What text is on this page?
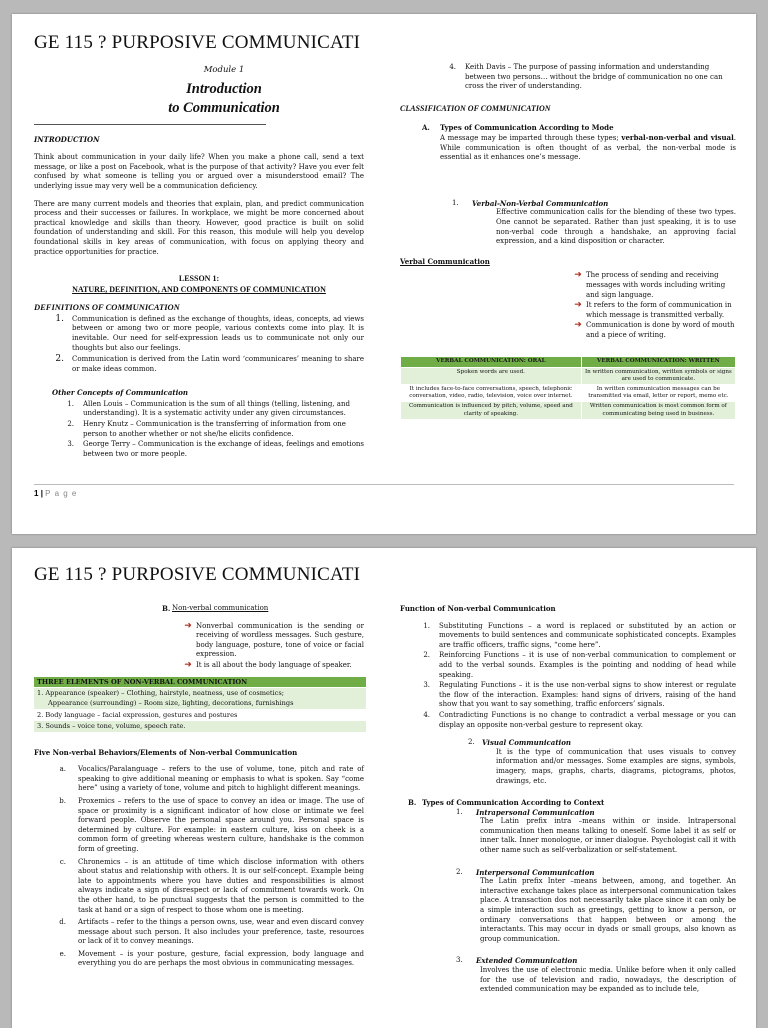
GE 115 ? PURPOSIVE COMMUNICATI
Module 1
Introduction
to Communication
INTRODUCTION
Think about communication in your daily life? When you make a phone call, send a text message, or like a post on Facebook, what is the purpose of that activity? Have you ever felt confused by what someone is telling you or argued over a misunderstood email? The underlying issue may very well be a communication deficiency.
There are many current models and theories that explain, plan, and predict communication process and their successes or failures. In workplace, we might be more concerned about practical knowledge and skills than theory. However, good practice is built on solid foundation of understanding and skill. For this reason, this module will help you develop foundational skills in key areas of communication, with focus on applying theory and practice opportunities for practice.
LESSON 1:
NATURE, DEFINITION, AND COMPONENTS OF COMMUNICATION
DEFINITIONS OF COMMUNICATION
1.	Communication is defined as the exchange of thoughts, ideas, concepts, ad views between or among two or more people, various contexts come into play. It is inevitable. Our need for self-expression leads us to communicate not only our thoughts but also our feelings.
2.	Communication is derived from the Latin word ‘communicares’ meaning to share or make ideas common.
Other Concepts of Communication
1.	Allen Louis – Communication is the sum of all things (telling, listening, and understanding). It is a systematic activity under any given circumstances.
2.	Henry Knutz – Communication is the transferring of information from one person to another whether or not she/he elicits confidence.
3.	George Terry – Communication is the exchange of ideas, feelings and emotions between two or more people.
4.	Keith Davis – The purpose of passing information and understanding between two persons… without the bridge of communication no one can cross the river of understanding.
CLASSIFICATION OF COMMUNICATION
A.	Types of Communication According to Mode
A message may be imparted through these types; verbal-non-verbal and visual. While communication is often thought of as verbal, the non-verbal mode is essential as it enhances one’s message.
1.	Verbal-Non-Verbal Communication
Effective communication calls for the blending of these two types. One cannot be separated. Rather than just speaking, it is to use non-verbal code through a handshake, an approving facial expression, and a kind disposition or character.
Verbal Communication
➜ The process of sending and receiving messages with words including writing and sign language.
➜ It refers to the form of communication in which message is transmitted verbally.
➜ Communication is done by word of mouth and a piece of writing.
VERBAL COMMUNICATION: ORAL	VERBAL COMMUNICATION: WRITTEN
Spoken words are used.	In written communication, written symbols or signs are used to communicate.
It includes face-to-face conversations, speech, telephonic conversation, video, radio, television, voice over internet.	In written communication messages can be transmitted via email, letter or report, memo etc.
Communication is influenced by pitch, volume, speed and clarity of speaking.	Written communication is most common form of communicating being used in business.
1 | P a g e
GE 115 ? PURPOSIVE COMMUNICATI
B. Non-verbal communication
➜ Nonverbal communication is the sending or receiving of wordless messages. Such gesture, body language, posture, tone of voice or facial expression.
➜ It is all about the body language of speaker.
THREE ELEMENTS OF NON-VERBAL COMMUNICATION
1. Appearance (speaker) – Clothing, hairstyle, neatness, use of cosmetics;
Appearance (surrounding) – Room size, lighting, decorations, furnishings
2. Body language – facial expression, gestures and postures
3. Sounds – voice tone, volume, speech rate.
Five Non-verbal Behaviors/Elements of Non-verbal Communication
a.	Vocalics/Paralanguage – refers to the use of volume, tone, pitch and rate of speaking to give additional meaning or emphasis to what is spoken. Say “come here” using a variety of tone, volume and pitch to highlight different meanings.
b.	Proxemics – refers to the use of space to convey an idea or image. The use of space or proximity is a significant indicator of how close or intimate we feel forward people. Observe the personal space around you. Personal space is determined by culture. For example: in eastern culture, kiss on cheek is a common form of greeting whereas western culture, handshake is the common form of greeting.
c.	Chronemics – is an attitude of time which disclose information with others about status and relationship with others. It is our self-concept. Example being late to appointments where you have duties and responsibilities is almost always indicate a sign of disrespect or lack of commitment towards work. On the other hand, to be punctual suggests that the person is committed to the task at hand or a sign of respect to those whom one is meeting.
d.	Artifacts – refer to the things a person owns, use, wear and even discard convey message about such person. It also includes your preference, taste, resources or lack of it to convey meanings.
e.	Movement – is your posture, gesture, facial expression, body language and everything you do are perhaps the most obvious in communicating messages.
Function of Non-verbal Communication
1.	Substituting Functions – a word is replaced or substituted by an action or movements to build sentences and communicate sophisticated concepts. Examples are traffic officers, traffic signs, “come here”.
2.	Reinforcing Functions – it is use of non-verbal communication to complement or add to the verbal sounds. Examples is the pointing and nodding of head while speaking.
3.	Regulating Functions – it is the use non-verbal signs to show interest or regulate the flow of the interaction. Examples: hand signs of drivers, raising of the hand show that you want to say something, traffic enforcers’ signals.
4.	Contradicting Functions is no change to contradict a verbal message or you can display an opposite non-verbal gesture to represent okay.
2.	Visual Communication
It is the type of communication that uses visuals to convey information and/or messages. Some examples are signs, symbols, imagery, maps, graphs, charts, diagrams, pictograms, photos, drawings, etc.
B. Types of Communication According to Context
1.	Intrapersonal Communication
The Latin prefix intra –means within or inside. Intrapersonal communication then means talking to oneself. Some label it as self or inner talk. Inner monologue, or inner dialogue. Psychologist call it with other name such as self-verbalization or self-statement.
2.	Interpersonal Communication
The Latin prefix Inter –means between, among, and together. An interactive exchange takes place as interpersonal communication takes place. A transaction dos not necessarily take place since it can only be a simple interaction such as greetings, getting to know a person, or ordinary conversations that happen between or among the interactants. This may occur in dyads or small groups, also known as group communication.
3.	Extended Communication
Involves the use of electronic media. Unlike before when it only called for the use of television and radio, nowadays, the description of extended communication may be expanded as to include tele,
